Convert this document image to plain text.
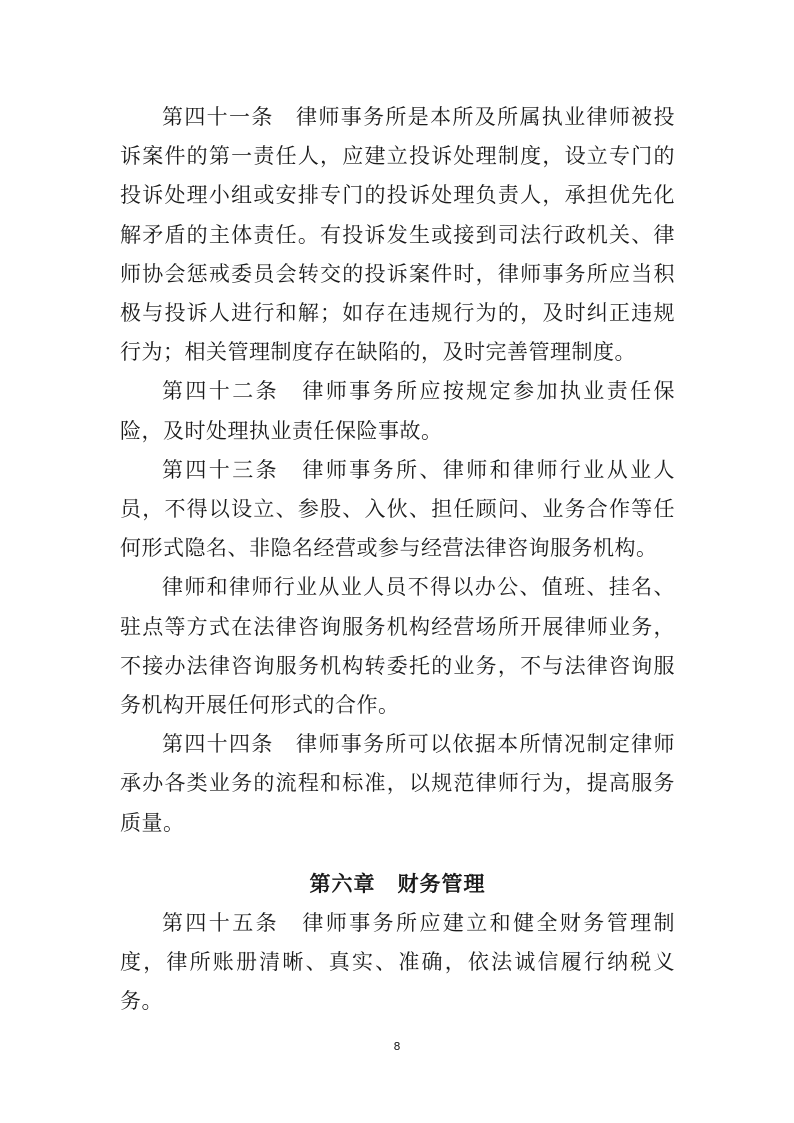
第四十一条　律师事务所是本所及所属执业律师被投诉案件的第一责任人，应建立投诉处理制度，设立专门的投诉处理小组或安排专门的投诉处理负责人，承担优先化解矛盾的主体责任。有投诉发生或接到司法行政机关、律师协会惩戒委员会转交的投诉案件时，律师事务所应当积极与投诉人进行和解；如存在违规行为的，及时纠正违规行为；相关管理制度存在缺陷的，及时完善管理制度。

第四十二条　律师事务所应按规定参加执业责任保险，及时处理执业责任保险事故。

第四十三条　律师事务所、律师和律师行业从业人员，不得以设立、参股、入伙、担任顾问、业务合作等任何形式隐名、非隐名经营或参与经营法律咨询服务机构。

律师和律师行业从业人员不得以办公、值班、挂名、驻点等方式在法律咨询服务机构经营场所开展律师业务，不接办法律咨询服务机构转委托的业务，不与法律咨询服务机构开展任何形式的合作。

第四十四条　律师事务所可以依据本所情况制定律师承办各类业务的流程和标准，以规范律师行为，提高服务质量。

第六章　财务管理

第四十五条　律师事务所应建立和健全财务管理制度，律所账册清晰、真实、准确，依法诚信履行纳税义务。

8
